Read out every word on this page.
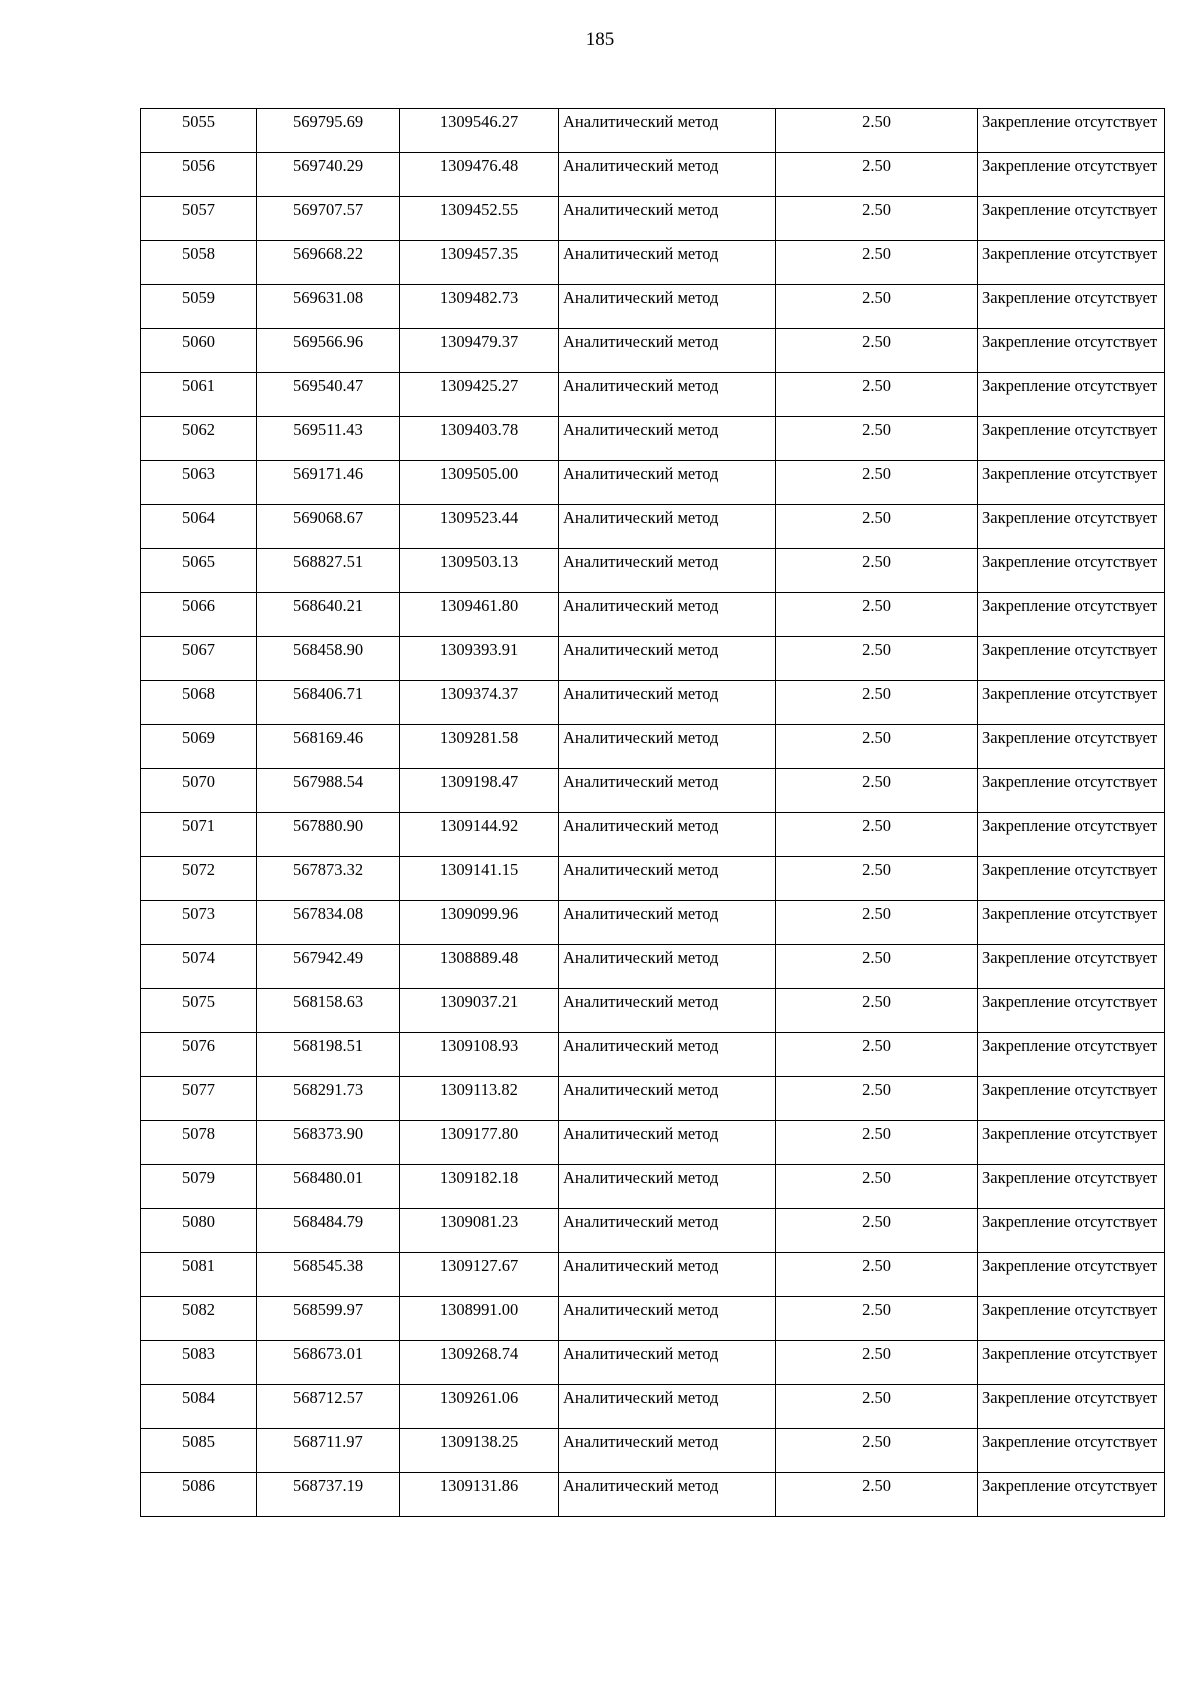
185
5055	569795.69	1309546.27	Аналитический метод	2.50	Закрепление отсутствует
5056	569740.29	1309476.48	Аналитический метод	2.50	Закрепление отсутствует
5057	569707.57	1309452.55	Аналитический метод	2.50	Закрепление отсутствует
5058	569668.22	1309457.35	Аналитический метод	2.50	Закрепление отсутствует
5059	569631.08	1309482.73	Аналитический метод	2.50	Закрепление отсутствует
5060	569566.96	1309479.37	Аналитический метод	2.50	Закрепление отсутствует
5061	569540.47	1309425.27	Аналитический метод	2.50	Закрепление отсутствует
5062	569511.43	1309403.78	Аналитический метод	2.50	Закрепление отсутствует
5063	569171.46	1309505.00	Аналитический метод	2.50	Закрепление отсутствует
5064	569068.67	1309523.44	Аналитический метод	2.50	Закрепление отсутствует
5065	568827.51	1309503.13	Аналитический метод	2.50	Закрепление отсутствует
5066	568640.21	1309461.80	Аналитический метод	2.50	Закрепление отсутствует
5067	568458.90	1309393.91	Аналитический метод	2.50	Закрепление отсутствует
5068	568406.71	1309374.37	Аналитический метод	2.50	Закрепление отсутствует
5069	568169.46	1309281.58	Аналитический метод	2.50	Закрепление отсутствует
5070	567988.54	1309198.47	Аналитический метод	2.50	Закрепление отсутствует
5071	567880.90	1309144.92	Аналитический метод	2.50	Закрепление отсутствует
5072	567873.32	1309141.15	Аналитический метод	2.50	Закрепление отсутствует
5073	567834.08	1309099.96	Аналитический метод	2.50	Закрепление отсутствует
5074	567942.49	1308889.48	Аналитический метод	2.50	Закрепление отсутствует
5075	568158.63	1309037.21	Аналитический метод	2.50	Закрепление отсутствует
5076	568198.51	1309108.93	Аналитический метод	2.50	Закрепление отсутствует
5077	568291.73	1309113.82	Аналитический метод	2.50	Закрепление отсутствует
5078	568373.90	1309177.80	Аналитический метод	2.50	Закрепление отсутствует
5079	568480.01	1309182.18	Аналитический метод	2.50	Закрепление отсутствует
5080	568484.79	1309081.23	Аналитический метод	2.50	Закрепление отсутствует
5081	568545.38	1309127.67	Аналитический метод	2.50	Закрепление отсутствует
5082	568599.97	1308991.00	Аналитический метод	2.50	Закрепление отсутствует
5083	568673.01	1309268.74	Аналитический метод	2.50	Закрепление отсутствует
5084	568712.57	1309261.06	Аналитический метод	2.50	Закрепление отсутствует
5085	568711.97	1309138.25	Аналитический метод	2.50	Закрепление отсутствует
5086	568737.19	1309131.86	Аналитический метод	2.50	Закрепление отсутствует
